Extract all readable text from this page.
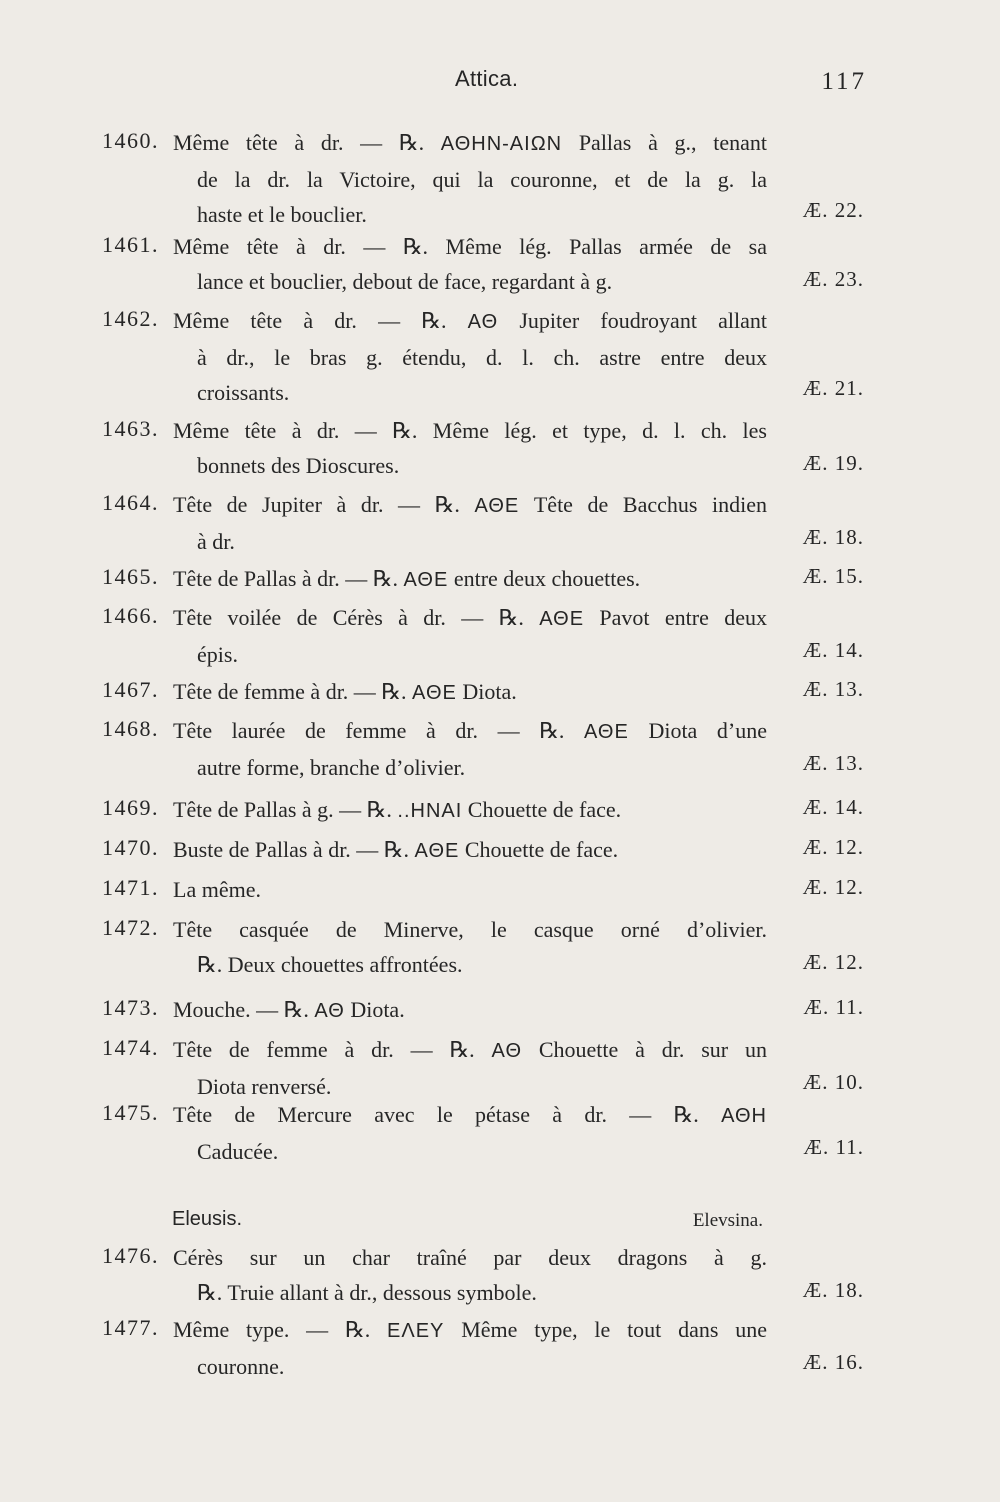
Attica.	117
1460. Même tête à dr. — ℞. ΑΘΗΝ-ΑΙΩΝ Pallas à g., tenant
de la dr. la Victoire, qui la couronne, et de la g. la
haste et le bouclier.	Æ. 22.
1461. Même tête à dr. — ℞. Même lég. Pallas armée de sa
lance et bouclier, debout de face, regardant à g.	Æ. 23.
1462. Même tête à dr. — ℞. ΑΘ Jupiter foudroyant allant
à dr., le bras g. étendu, d. l. ch. astre entre deux
croissants.	Æ. 21.
1463. Même tête à dr. — ℞. Même lég. et type, d. l. ch. les
bonnets des Dioscures.	Æ. 19.
1464. Tête de Jupiter à dr. — ℞. ΑΘΕ Tête de Bacchus indien
à dr.	Æ. 18.
1465. Tête de Pallas à dr. — ℞. ΑΘΕ entre deux chouettes.	Æ. 15.
1466. Tête voilée de Cérès à dr. — ℞. ΑΘΕ Pavot entre deux
épis.	Æ. 14.
1467. Tête de femme à dr. — ℞. ΑΘΕ Diota.	Æ. 13.
1468. Tête laurée de femme à dr. — ℞. ΑΘΕ Diota d’une
autre forme, branche d’olivier.	Æ. 13.
1469. Tête de Pallas à g. — ℞. ..ΗΝΑΙ Chouette de face.	Æ. 14.
1470. Buste de Pallas à dr. — ℞. ΑΘΕ Chouette de face.	Æ. 12.
1471. La même.	Æ. 12.
1472. Tête casquée de Minerve, le casque orné d’olivier.
℞. Deux chouettes affrontées.	Æ. 12.
1473. Mouche. — ℞. ΑΘ Diota.	Æ. 11.
1474. Tête de femme à dr. — ℞. ΑΘ Chouette à dr. sur un
Diota renversé.	Æ. 10.
1475. Tête de Mercure avec le pétase à dr. — ℞. ΑΘΗ
Caducée.	Æ. 11.
1476. Cérès sur un char traîné par deux dragons à g.
℞. Truie allant à dr., dessous symbole.	Æ. 18.
1477. Même type. — ℞. ΕΛΕΥ Même type, le tout dans une
couronne.	Æ. 16.
Eleusis.	Elevsina.
